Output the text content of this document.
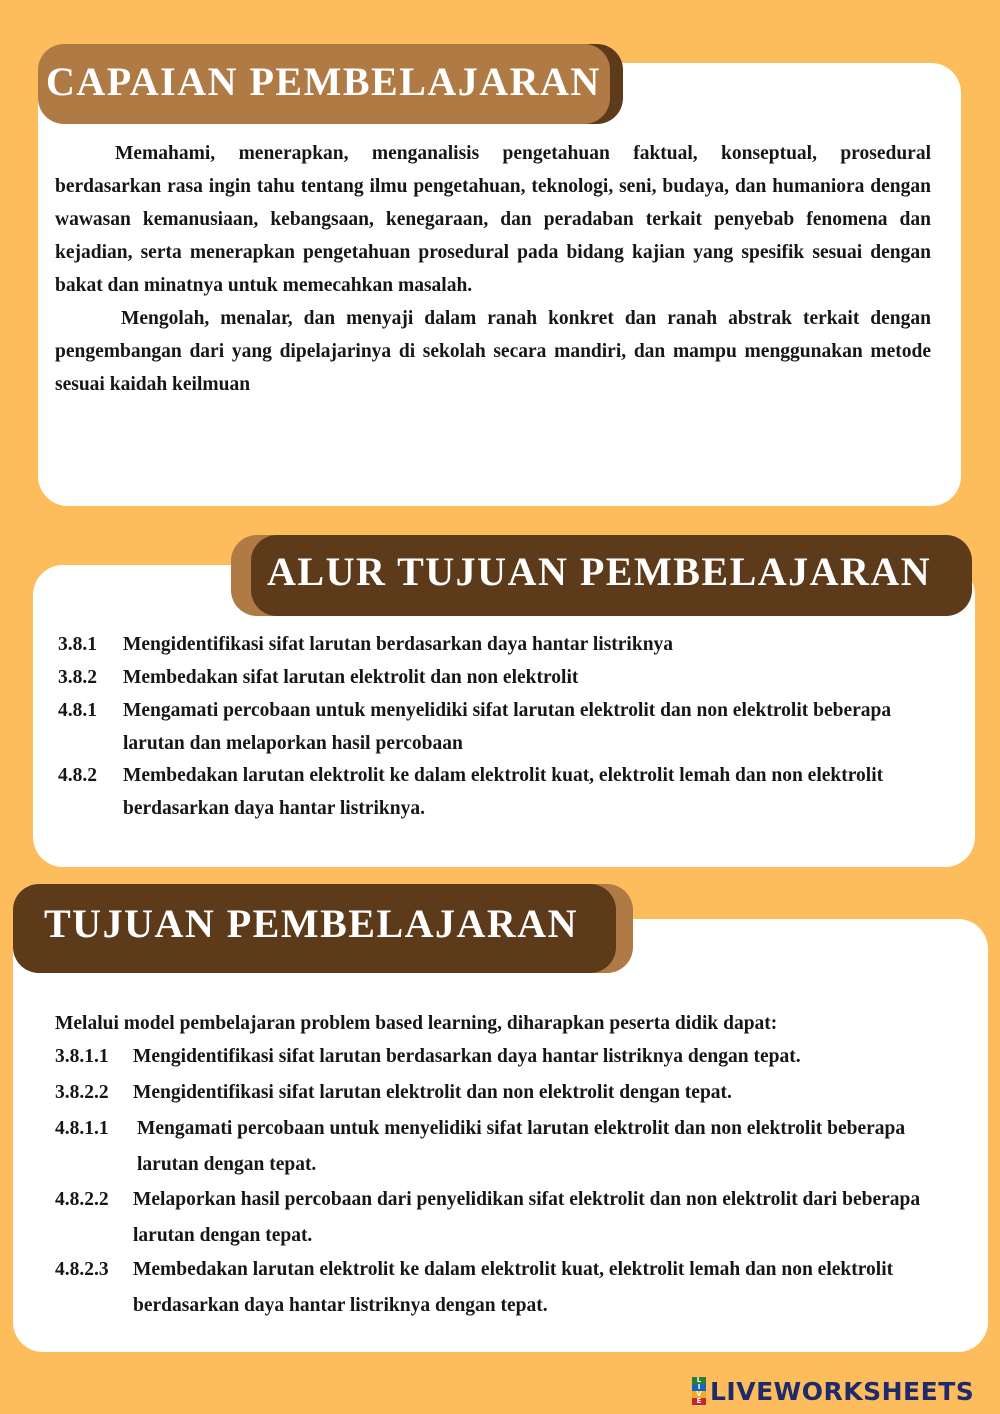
CAPAIAN PEMBELAJARAN

Memahami, menerapkan, menganalisis pengetahuan faktual, konseptual, prosedural berdasarkan rasa ingin tahu tentang ilmu pengetahuan, teknologi, seni, budaya, dan humaniora dengan wawasan kemanusiaan, kebangsaan, kenegaraan, dan peradaban terkait penyebab fenomena dan kejadian, serta menerapkan pengetahuan prosedural pada bidang kajian yang spesifik sesuai dengan bakat dan minatnya untuk memecahkan masalah.

Mengolah, menalar, dan menyaji dalam ranah konkret dan ranah abstrak terkait dengan pengembangan dari yang dipelajarinya di sekolah secara mandiri, dan mampu menggunakan metode sesuai kaidah keilmuan

ALUR TUJUAN PEMBELAJARAN
3.8.1 Mengidentifikasi sifat larutan berdasarkan daya hantar listriknya
3.8.2 Membedakan sifat larutan elektrolit dan non elektrolit
4.8.1 Mengamati percobaan untuk menyelidiki sifat larutan elektrolit dan non elektrolit beberapa larutan dan melaporkan hasil percobaan
4.8.2 Membedakan larutan elektrolit ke dalam elektrolit kuat, elektrolit lemah dan non elektrolit berdasarkan daya hantar listriknya.
TUJUAN PEMBELAJARAN
Melalui model pembelajaran problem based learning, diharapkan peserta didik dapat:
3.8.1.1 Mengidentifikasi sifat larutan berdasarkan daya hantar listriknya dengan tepat.
3.8.2.2 Mengidentifikasi sifat larutan elektrolit dan non elektrolit dengan tepat.
4.8.1.1 Mengamati percobaan untuk menyelidiki sifat larutan elektrolit dan non elektrolit beberapa larutan dengan tepat.
4.8.2.2 Melaporkan hasil percobaan dari penyelidikan sifat elektrolit dan non elektrolit dari beberapa larutan dengan tepat.
4.8.2.3 Membedakan larutan elektrolit ke dalam elektrolit kuat, elektrolit lemah dan non elektrolit berdasarkan daya hantar listriknya dengan tepat.
L
I
V
E LIVEWORKSHEETS
